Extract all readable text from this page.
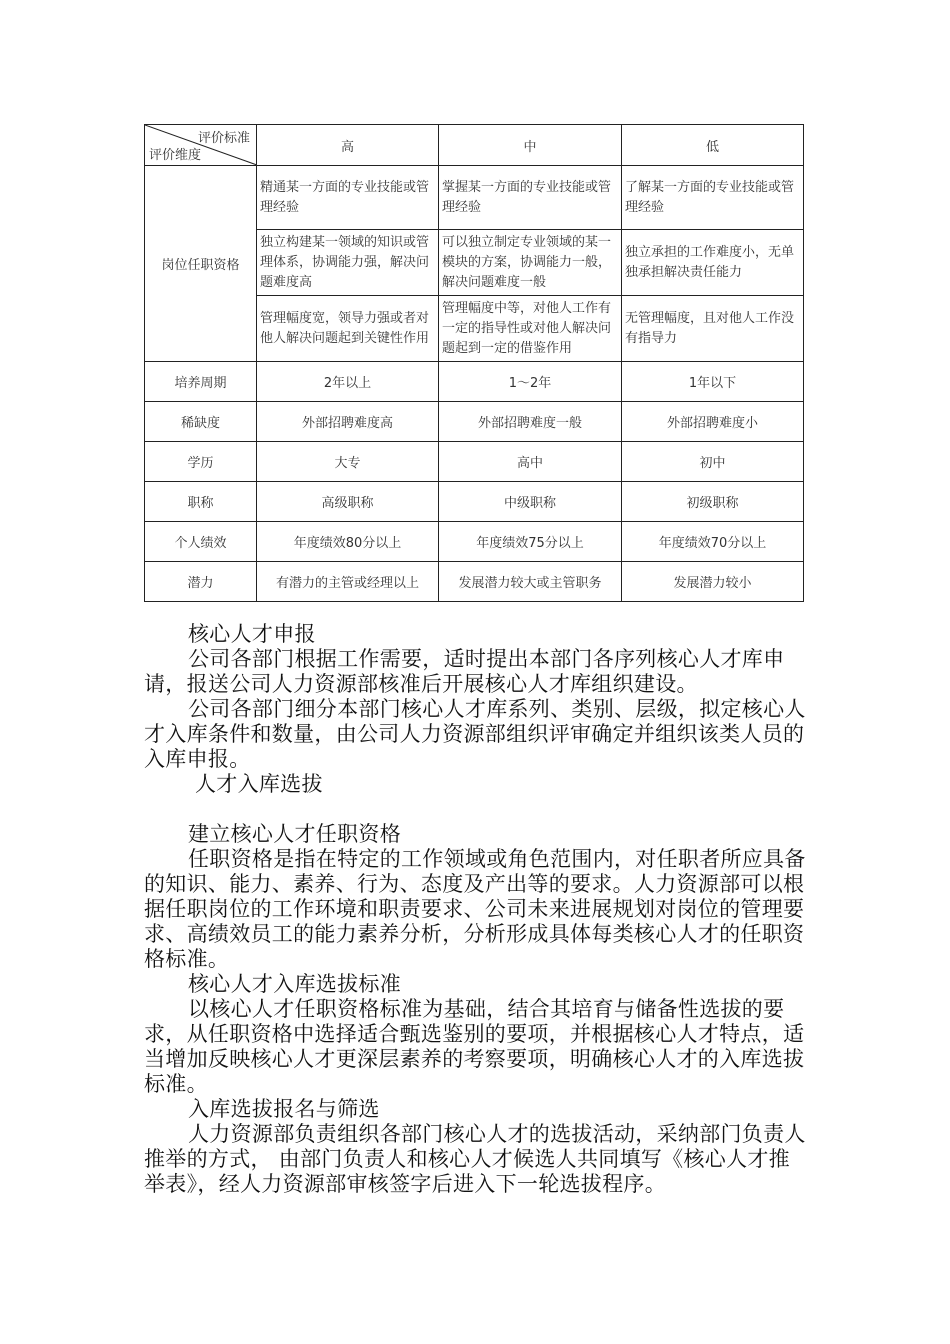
评价标准
评价维度	高	中	低
岗位任职资格	精通某一方面的专业技能或管理经验	掌握某一方面的专业技能或管理经验	了解某一方面的专业技能或管理经验

	独立构建某一领域的知识或管理体系，协调能力强，解决问题难度高	可以独立制定专业领域的某一模块的方案，协调能力一般，解决问题难度一般	独立承担的工作难度小，无单独承担解决责任能力

	管理幅度宽，领导力强或者对他人解决问题起到关键性作用	管理幅度中等，对他人工作有一定的指导性或对他人解决问题起到一定的借鉴作用	无管理幅度，且对他人工作没有指导力

培养周期	2年以上	1～2年	1年以下
稀缺度	外部招聘难度高	外部招聘难度一般	外部招聘难度小
学历	大专	高中	初中
职称	高级职称	中级职称	初级职称
个人绩效	年度绩效80分以上	年度绩效75分以上	年度绩效70分以上
潜力	有潜力的主管或经理以上	发展潜力较大或主管职务	发展潜力较小

核心人才申报

公司各部门根据工作需要，适时提出本部门各序列核心人才库申请，报送公司人力资源部核准后开展核心人才库组织建设。

公司各部门细分本部门核心人才库系列、类别、层级，拟定核心人才入库条件和数量，由公司人力资源部组织评审确定并组织该类人员的入库申报。

人才入库选拔

建立核心人才任职资格

任职资格是指在特定的工作领域或角色范围内，对任职者所应具备的知识、能力、素养、行为、态度及产出等的要求。人力资源部可以根据任职岗位的工作环境和职责要求、公司未来进展规划对岗位的管理要求、高绩效员工的能力素养分析，分析形成具体每类核心人才的任职资格标准。

核心人才入库选拔标准

以核心人才任职资格标准为基础，结合其培育与储备性选拔的要求，从任职资格中选择适合甄选鉴别的要项，并根据核心人才特点，适当增加反映核心人才更深层素养的考察要项，明确核心人才的入库选拔标准。

入库选拔报名与筛选

人力资源部负责组织各部门核心人才的选拔活动，采纳部门负责人推举的方式， 由部门负责人和核心人才候选人共同填写《核心人才推举表》，经人力资源部审核签字后进入下一轮选拔程序。
